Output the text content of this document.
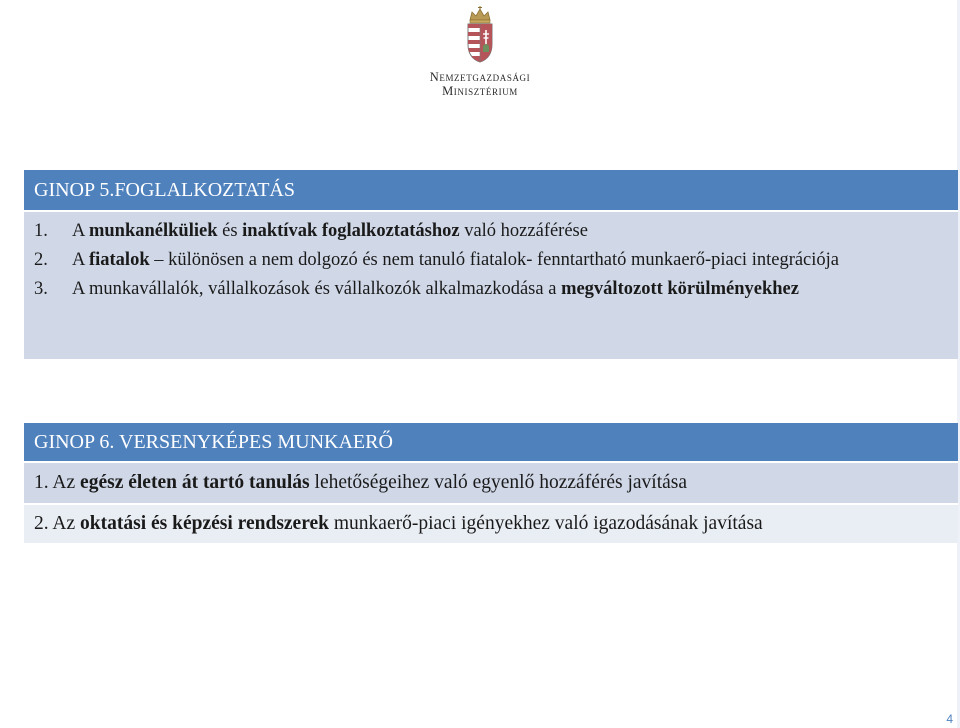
Nemzetgazdasági
Minisztérium
GINOP 5.FOGLALKOZTATÁS
1.	A munkanélküliek és inaktívak foglalkoztatáshoz való hozzáférése
2.	A fiatalok – különösen a nem dolgozó és nem tanuló fiatalok- fenntartható munkaerő-piaci integrációja
3.	A munkavállalók, vállalkozások és vállalkozók alkalmazkodása a megváltozott körülményekhez
GINOP 6. VERSENYKÉPES MUNKAERŐ
1. Az egész életen át tartó tanulás lehetőségeihez való egyenlő hozzáférés javítása
2. Az oktatási és képzési rendszerek munkaerő-piaci igényekhez való igazodásának javítása
4
